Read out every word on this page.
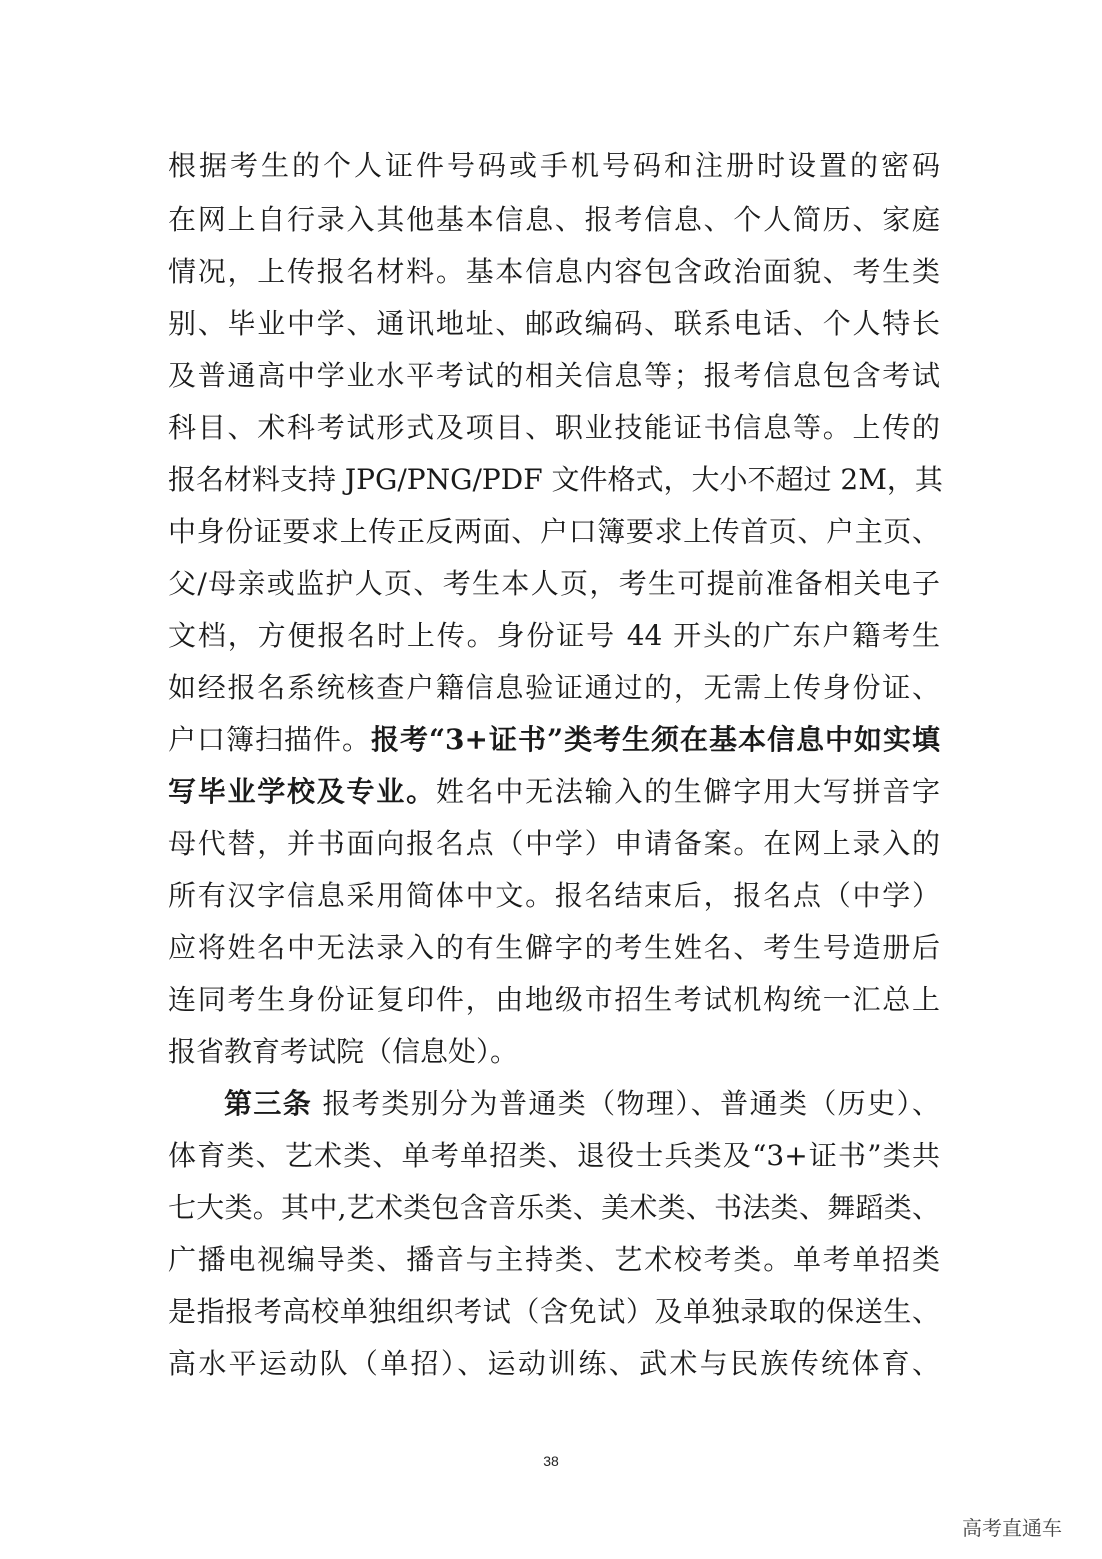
根据考生的个人证件号码或手机号码和注册时设置的密码

在网上自行录入其他基本信息、报考信息、个人简历、家庭

情况，上传报名材料。基本信息内容包含政治面貌、考生类

别、毕业中学、通讯地址、邮政编码、联系电话、个人特长

及普通高中学业水平考试的相关信息等；报考信息包含考试

科目、术科考试形式及项目、职业技能证书信息等。上传的

报名材料支持 JPG/PNG/PDF 文件格式，大小不超过 2M，其

中身份证要求上传正反两面、户口簿要求上传首页、户主页、

父/母亲或监护人页、考生本人页，考生可提前准备相关电子

文档，方便报名时上传。身份证号 44 开头的广东户籍考生

如经报名系统核查户籍信息验证通过的，无需上传身份证、

户口簿扫描件。报考“3+证书”类考生须在基本信息中如实填

写毕业学校及专业。姓名中无法输入的生僻字用大写拼音字

母代替，并书面向报名点（中学）申请备案。在网上录入的

所有汉字信息采用简体中文。报名结束后，报名点（中学）

应将姓名中无法录入的有生僻字的考生姓名、考生号造册后

连同考生身份证复印件，由地级市招生考试机构统一汇总上

报省教育考试院（信息处）。

第三条 报考类别分为普通类（物理）、普通类（历史）、

体育类、艺术类、单考单招类、退役士兵类及“3+证书”类共

七大类。其中,艺术类包含音乐类、美术类、书法类、舞蹈类、

广播电视编导类、播音与主持类、艺术校考类。单考单招类

是指报考高校单独组织考试（含免试）及单独录取的保送生、

高水平运动队（单招）、运动训练、武术与民族传统体育、

38
高考直通车
